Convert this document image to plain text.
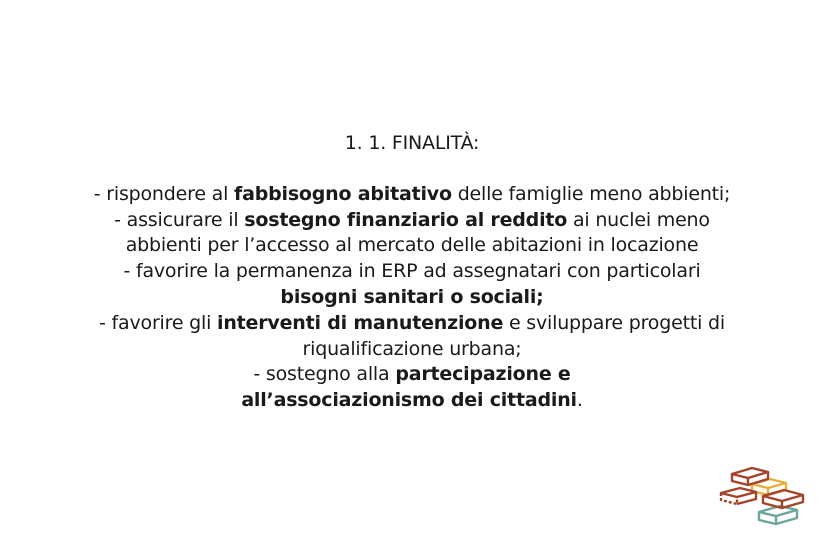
1. 1. FINALITÀ:
- rispondere al fabbisogno abitativo delle famiglie meno abbienti;
- assicurare il sostegno finanziario al reddito ai nuclei meno
abbienti per l’accesso al mercato delle abitazioni in locazione
- favorire la permanenza in ERP ad assegnatari con particolari
bisogni sanitari o sociali;
- favorire gli interventi di manutenzione e sviluppare progetti di
riqualificazione urbana;
- sostegno alla partecipazione e
all’associazionismo dei cittadini.
